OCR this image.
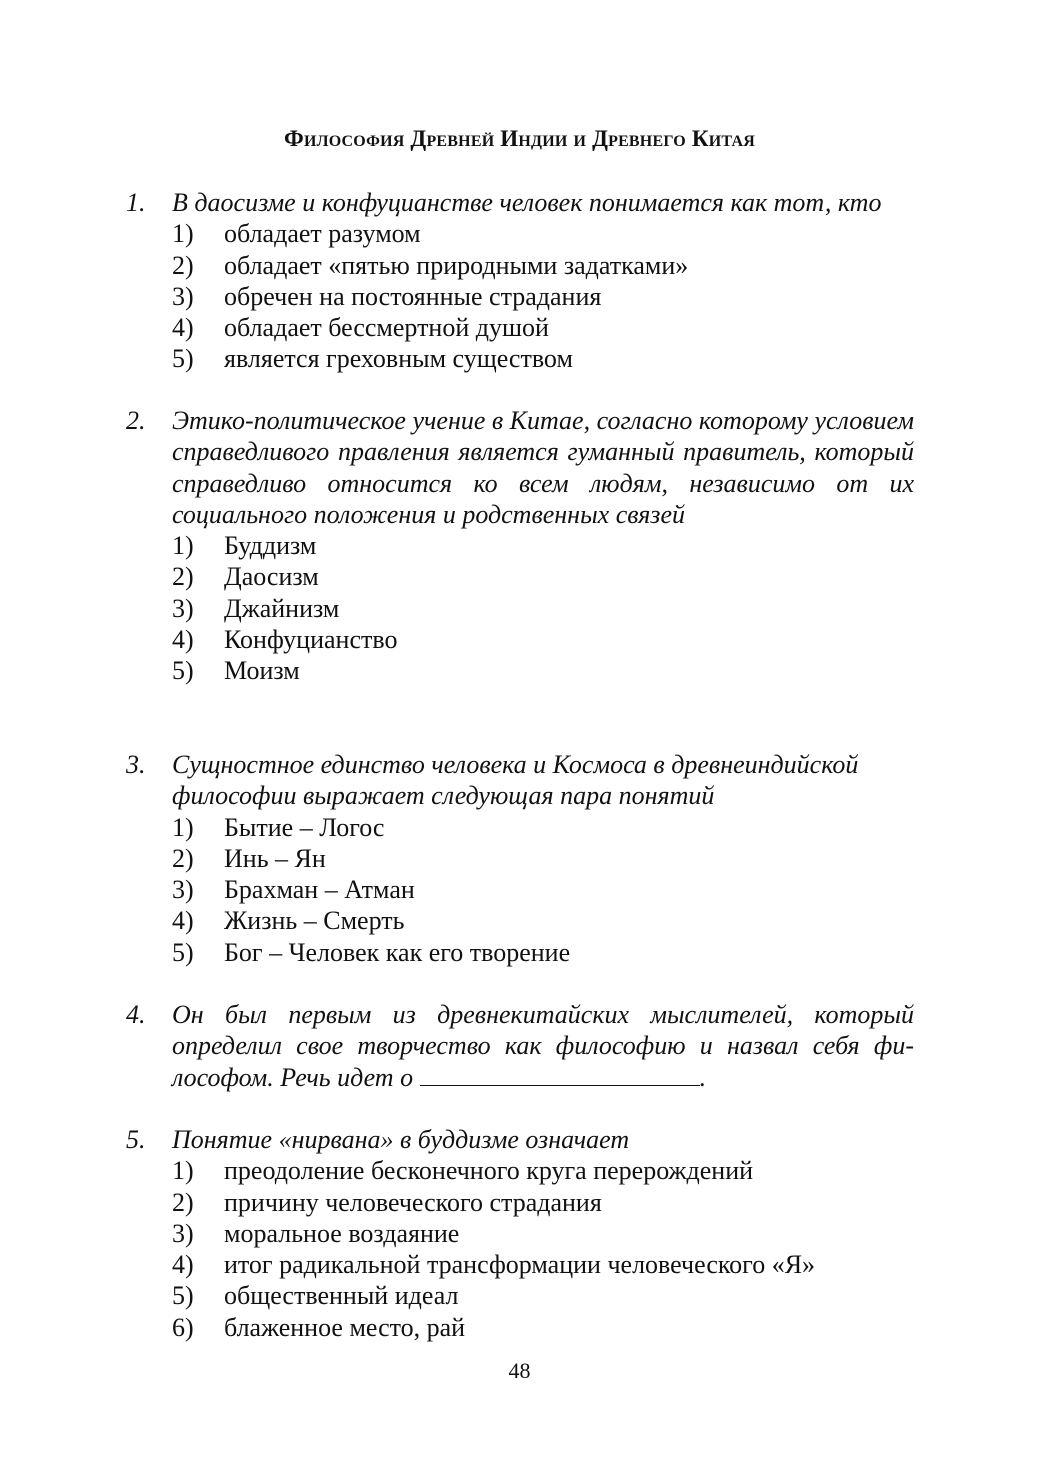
Философия Древней Индии и Древнего Китая
1. В даосизме и конфуцианстве человек понимается как тот, кто
1) обладает разумом
2) обладает «пятью природными задатками»
3) обречен на постоянные страдания
4) обладает бессмертной душой
5) является греховным существом
2. Этико-политическое учение в Китае, согласно которому условием справедливого правления является гуманный правитель, который справедливо относится ко всем людям, независимо от их социального положения и родственных связей
1) Буддизм
2) Даосизм
3) Джайнизм
4) Конфуцианство
5) Моизм
3. Сущностное единство человека и Космоса в древнеиндийской философии выражает следующая пара понятий
1) Бытие – Логос
2) Инь – Ян
3) Брахман – Атман
4) Жизнь – Смерть
5) Бог – Человек как его творение
4. Он был первым из древнекитайских мыслителей, который определил свое творчество как философию и назвал себя философом. Речь идет о	.
5. Понятие «нирвана» в буддизме означает
1) преодоление бесконечного круга перерождений
2) причину человеческого страдания
3) моральное воздаяние
4) итог радикальной трансформации человеческого «Я»
5) общественный идеал
6) блаженное место, рай
48
